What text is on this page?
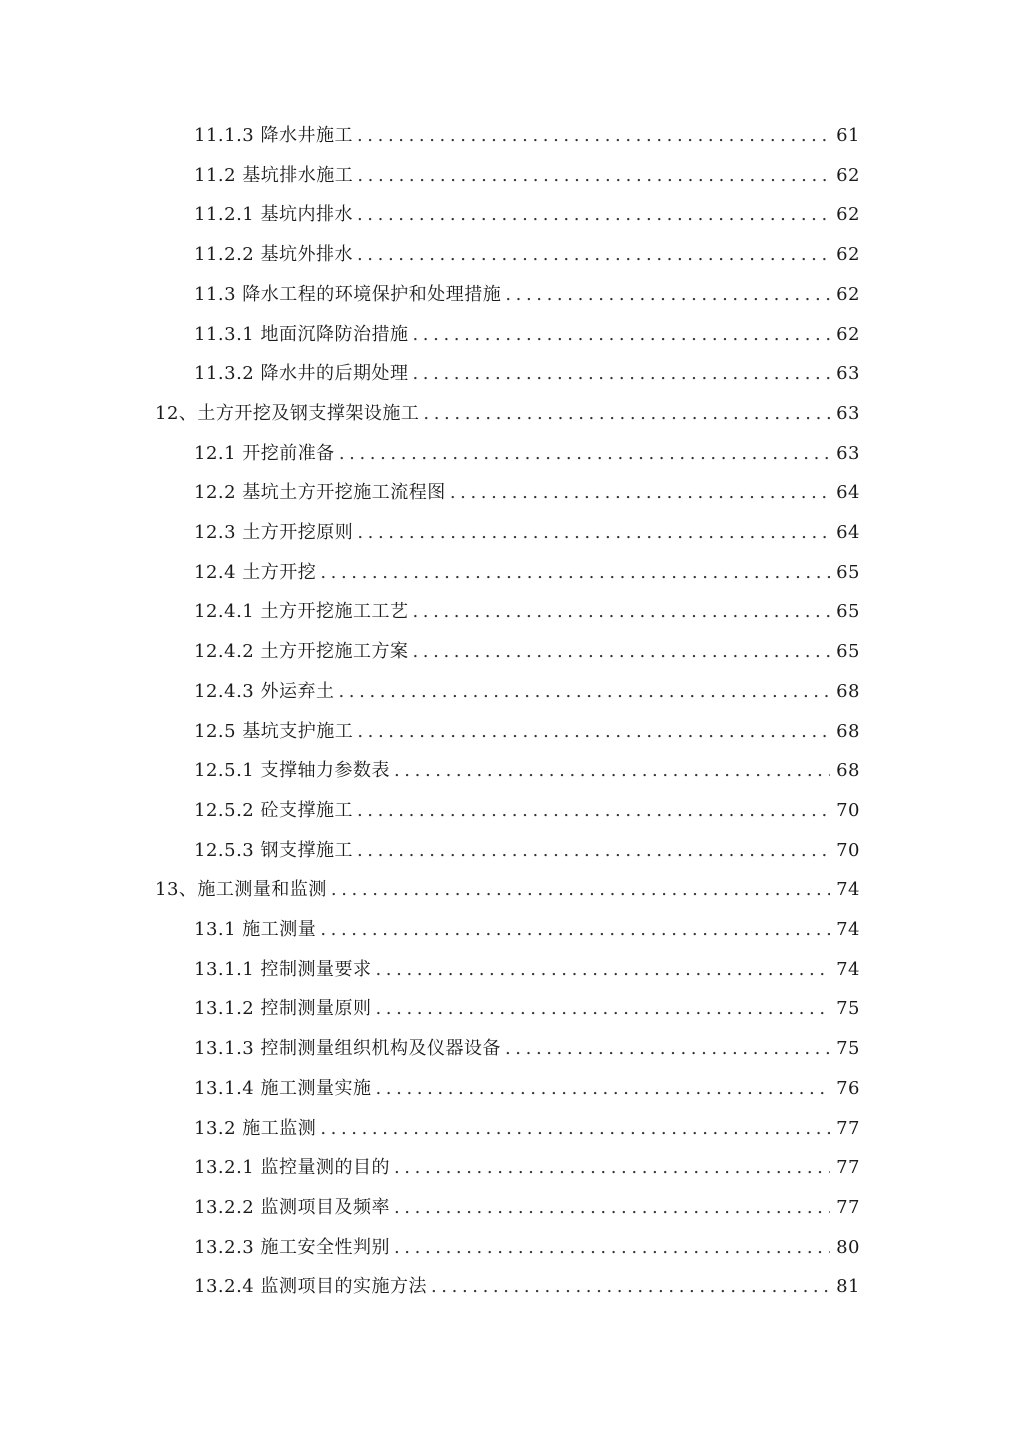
11.1.3 降水井施工 .....	61
11.2 基坑排水施工 .....	62
11.2.1 基坑内排水 .....	62
11.2.2 基坑外排水 .....	62
11.3 降水工程的环境保护和处理措施 .....	62
11.3.1 地面沉降防治措施 .....	62
11.3.2 降水井的后期处理 .....	63
12、土方开挖及钢支撑架设施工 .....	63
12.1 开挖前准备 .....	63
12.2 基坑土方开挖施工流程图 .....	64
12.3 土方开挖原则 .....	64
12.4 土方开挖 .....	65
12.4.1 土方开挖施工工艺 .....	65
12.4.2 土方开挖施工方案 .....	65
12.4.3 外运弃土 .....	68
12.5 基坑支护施工 .....	68
12.5.1 支撑轴力参数表 .....	68
12.5.2 砼支撑施工 .....	70
12.5.3 钢支撑施工 .....	70
13、施工测量和监测 .....	74
13.1 施工测量 .....	74
13.1.1 控制测量要求 .....	74
13.1.2 控制测量原则 .....	75
13.1.3 控制测量组织机构及仪器设备 .....	75
13.1.4 施工测量实施 .....	76
13.2 施工监测 .....	77
13.2.1 监控量测的目的 .....	77
13.2.2 监测项目及频率 .....	77
13.2.3 施工安全性判别 .....	80
13.2.4 监测项目的实施方法 .....	81
